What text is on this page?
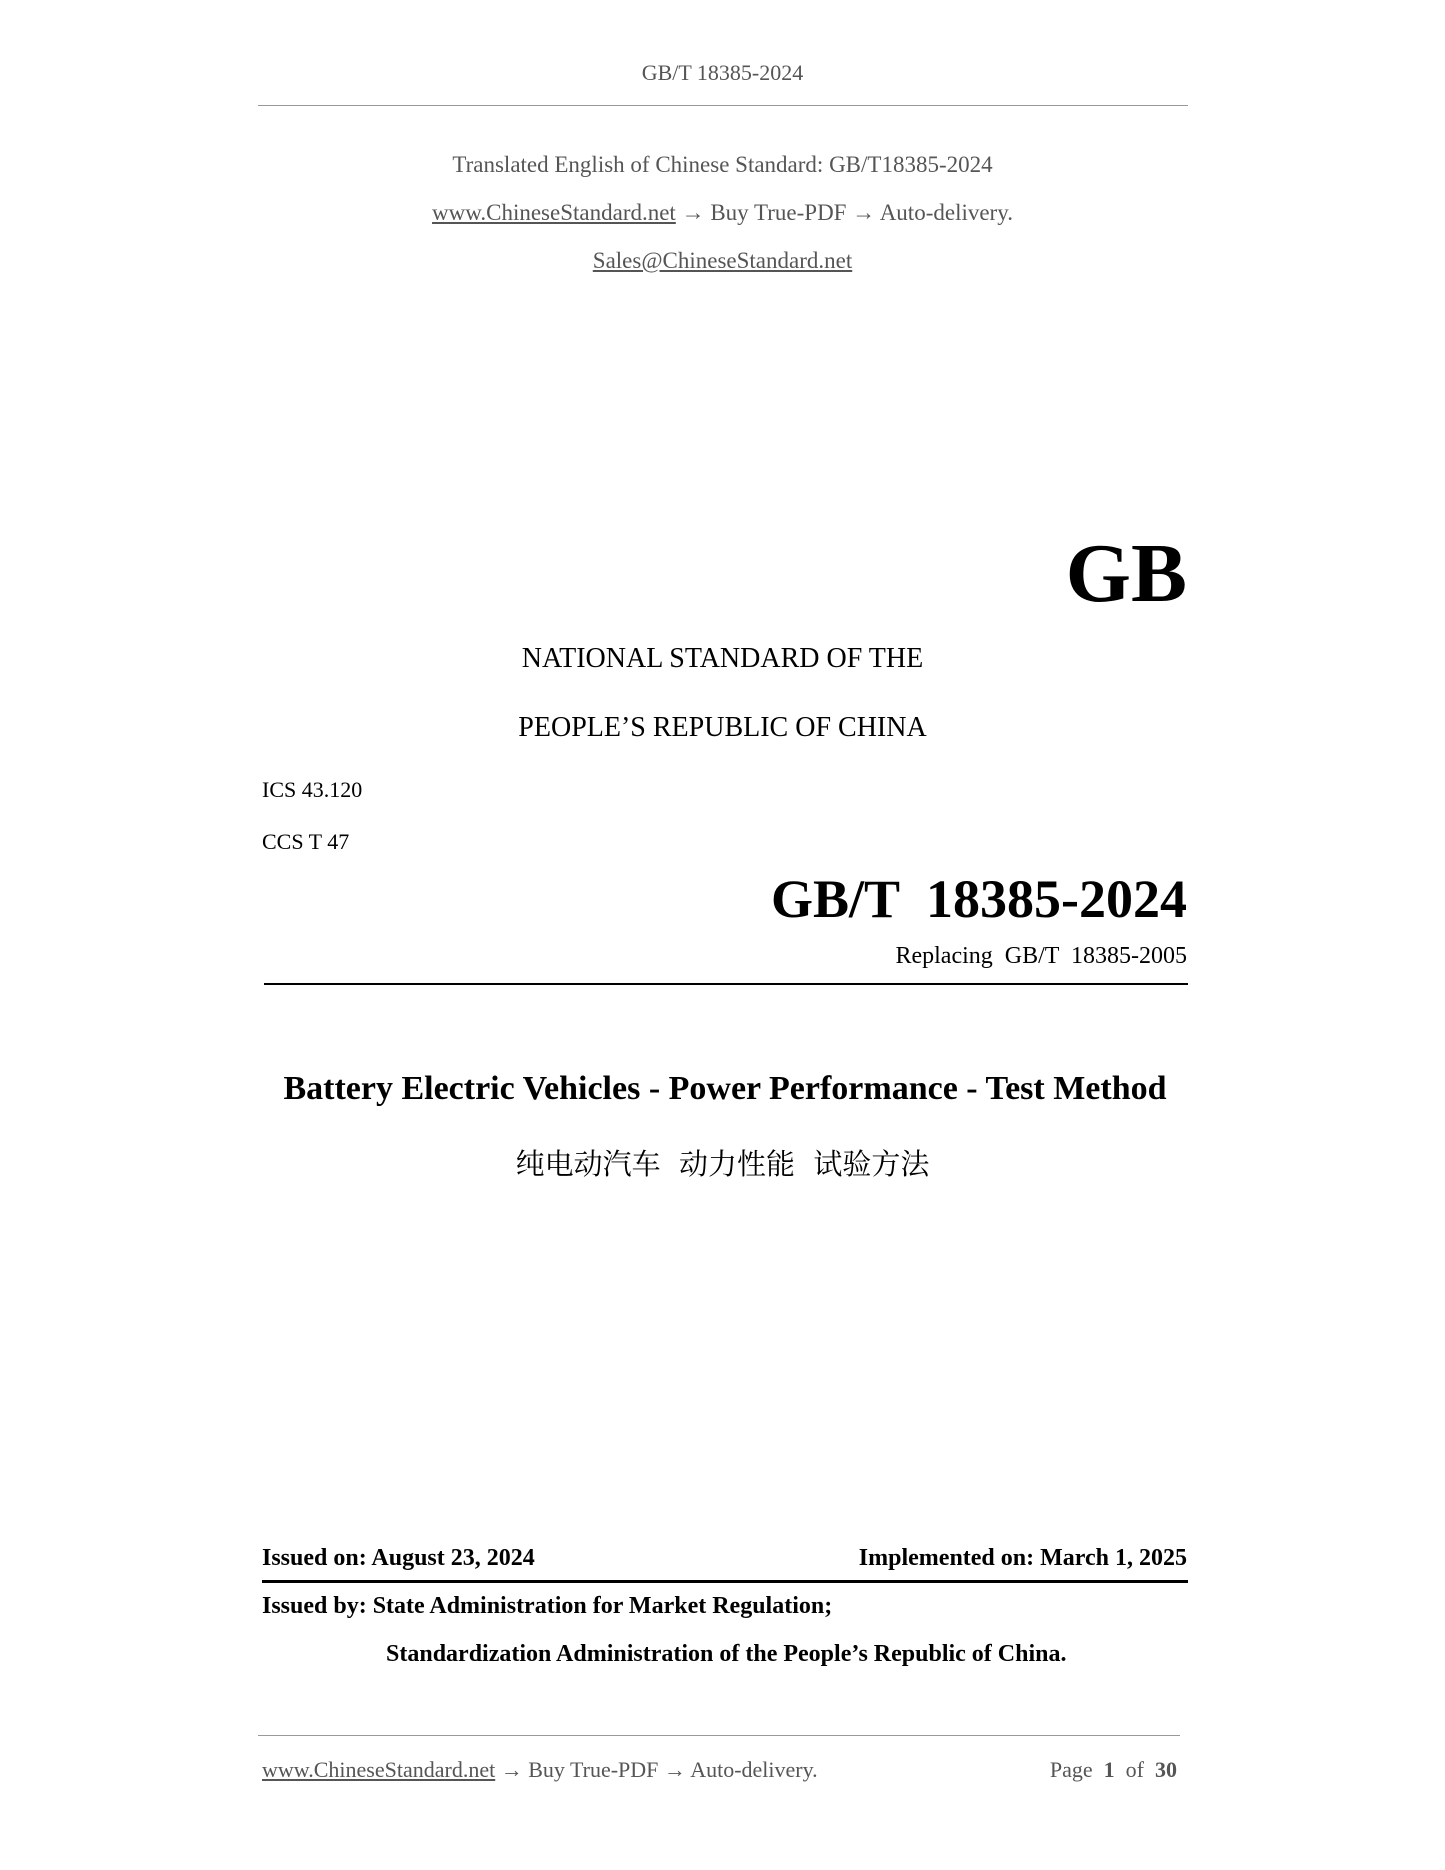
GB/T 18385-2024
Translated English of Chinese Standard: GB/T18385-2024
www.ChineseStandard.net → Buy True-PDF → Auto-delivery.
Sales@ChineseStandard.net
GB
NATIONAL STANDARD OF THE
PEOPLE’S REPUBLIC OF CHINA
ICS 43.120
CCS T 47
GB/T  18385-2024
Replacing  GB/T  18385-2005
Battery Electric Vehicles - Power Performance - Test Method
纯电动汽车  动力性能  试验方法
Issued on: August 23, 2024	Implemented on: March 1, 2025
Issued by: State Administration for Market Regulation;
Standardization Administration of the People’s Republic of China.
www.ChineseStandard.net → Buy True-PDF → Auto-delivery.	Page 1 of 30
